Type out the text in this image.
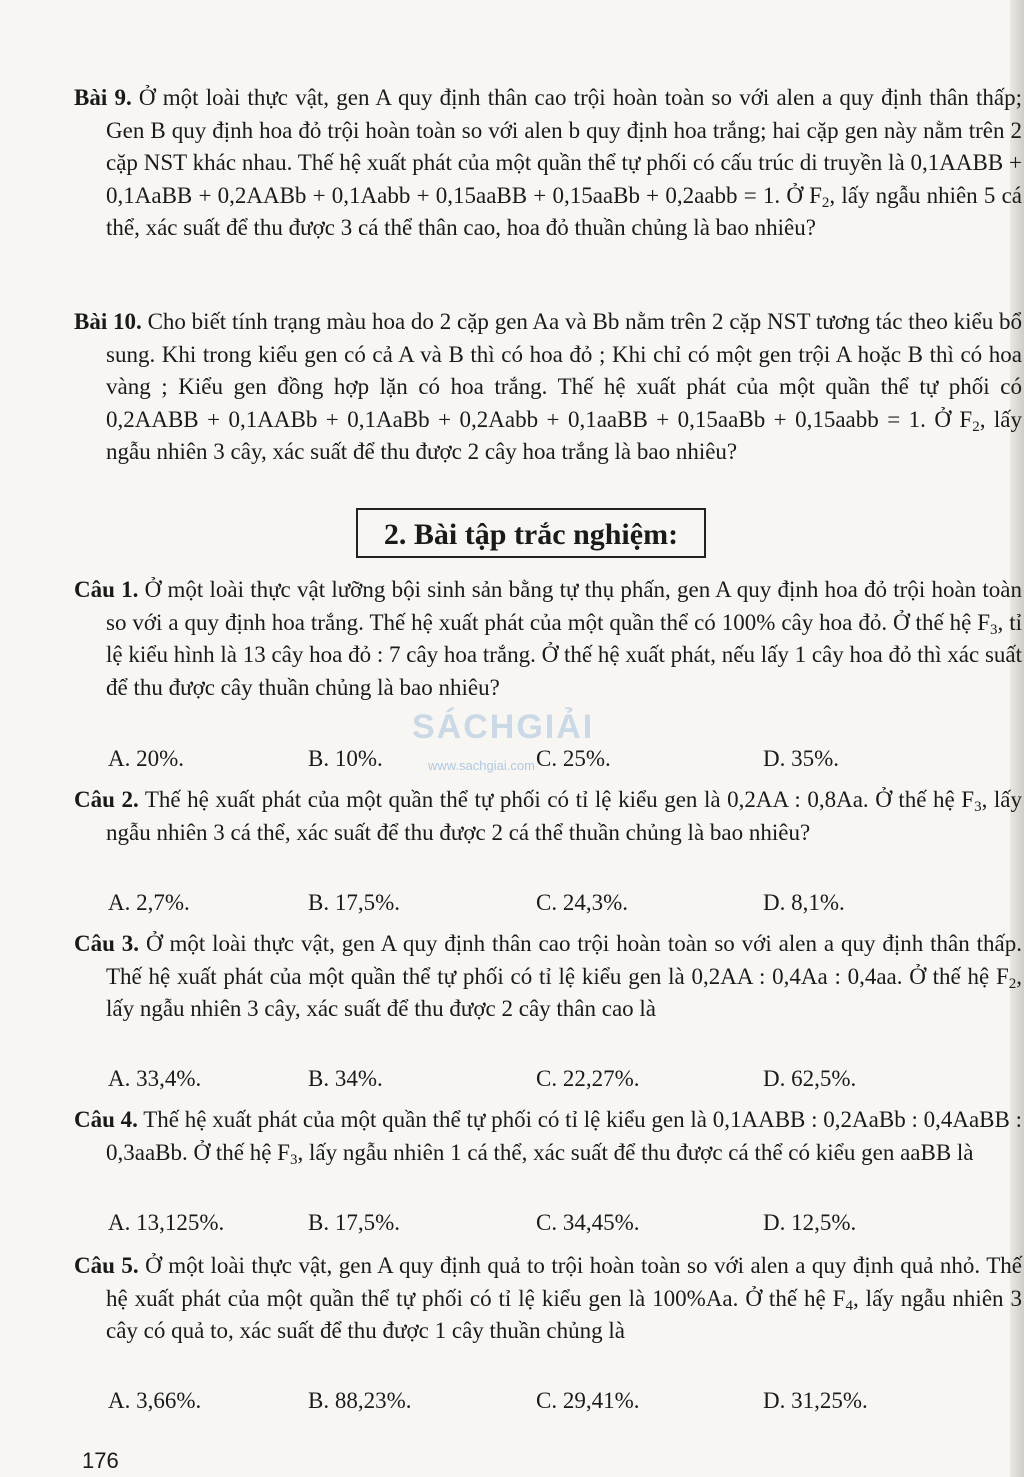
Bài 9. Ở một loài thực vật, gen A quy định thân cao trội hoàn toàn so với alen a quy định thân thấp; Gen B quy định hoa đỏ trội hoàn toàn so với alen b quy định hoa trắng; hai cặp gen này nằm trên 2 cặp NST khác nhau. Thế hệ xuất phát của một quần thể tự phối có cấu trúc di truyền là 0,1AABB + 0,1AaBB + 0,2AABb + 0,1Aabb + 0,15aaBB + 0,15aaBb + 0,2aabb = 1. Ở $F_2$, lấy ngẫu nhiên 5 cá thể, xác suất để thu được 3 cá thể thân cao, hoa đỏ thuần chủng là bao nhiêu?
Bài 10. Cho biết tính trạng màu hoa do 2 cặp gen Aa và Bb nằm trên 2 cặp NST tương tác theo kiểu bổ sung. Khi trong kiểu gen có cả A và B thì có hoa đỏ ; Khi chỉ có một gen trội A hoặc B thì có hoa vàng ; Kiểu gen đồng hợp lặn có hoa trắng. Thế hệ xuất phát của một quần thể tự phối có 0,2AABB + 0,1AABb + 0,1AaBb + 0,2Aabb + 0,1aaBB + 0,15aaBb + 0,15aabb = 1. Ở $F_2$, lấy ngẫu nhiên 3 cây, xác suất để thu được 2 cây hoa trắng là bao nhiêu?
2. Bài tập trắc nghiệm:
Câu 1. Ở một loài thực vật lưỡng bội sinh sản bằng tự thụ phấn, gen A quy định hoa đỏ trội hoàn toàn so với a quy định hoa trắng. Thế hệ xuất phát của một quần thể có 100% cây hoa đỏ. Ở thế hệ $F_3$, tỉ lệ kiểu hình là 13 cây hoa đỏ : 7 cây hoa trắng. Ở thế hệ xuất phát, nếu lấy 1 cây hoa đỏ thì xác suất để thu được cây thuần chủng là bao nhiêu?
A. 20%.	B. 10%.	C. 25%.	D. 35%.
Câu 2. Thế hệ xuất phát của một quần thể tự phối có tỉ lệ kiểu gen là 0,2AA : 0,8Aa. Ở thế hệ $F_3$, lấy ngẫu nhiên 3 cá thể, xác suất để thu được 2 cá thể thuần chủng là bao nhiêu?
A. 2,7%.	B. 17,5%.	C. 24,3%.	D. 8,1%.
Câu 3. Ở một loài thực vật, gen A quy định thân cao trội hoàn toàn so với alen a quy định thân thấp. Thế hệ xuất phát của một quần thể tự phối có tỉ lệ kiểu gen là 0,2AA : 0,4Aa : 0,4aa. Ở thế hệ $F_2$, lấy ngẫu nhiên 3 cây, xác suất để thu được 2 cây thân cao là
A. 33,4%.	B. 34%.	C. 22,27%.	D. 62,5%.
Câu 4. Thế hệ xuất phát của một quần thể tự phối có tỉ lệ kiểu gen là 0,1AABB : 0,2AaBb : 0,4AaBB : 0,3aaBb. Ở thế hệ $F_3$, lấy ngẫu nhiên 1 cá thể, xác suất để thu được cá thể có kiểu gen aaBB là
A. 13,125%.	B. 17,5%.	C. 34,45%.	D. 12,5%.
Câu 5. Ở một loài thực vật, gen A quy định quả to trội hoàn toàn so với alen a quy định quả nhỏ. Thế hệ xuất phát của một quần thể tự phối có tỉ lệ kiểu gen là 100%Aa. Ở thế hệ $F_4$, lấy ngẫu nhiên 3 cây có quả to, xác suất để thu được 1 cây thuần chủng là
A. 3,66%.	B. 88,23%.	C. 29,41%.	D. 31,25%.
SÁCHGIẢI
www.sachgiai.com
176
